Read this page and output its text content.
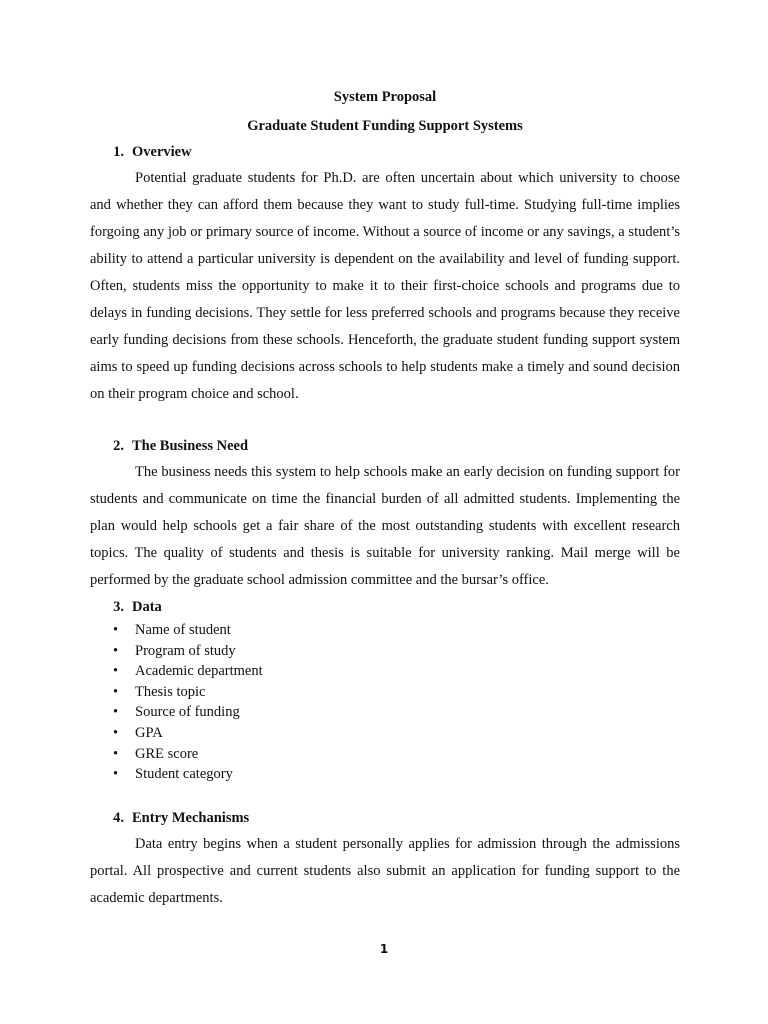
System Proposal

Graduate Student Funding Support Systems

1. Overview

Potential graduate students for Ph.D. are often uncertain about which university to choose and whether they can afford them because they want to study full-time. Studying full-time implies forgoing any job or primary source of income. Without a source of income or any savings, a student’s ability to attend a particular university is dependent on the availability and level of funding support. Often, students miss the opportunity to make it to their first-choice schools and programs due to delays in funding decisions. They settle for less preferred schools and programs because they receive early funding decisions from these schools. Henceforth, the graduate student funding support system aims to speed up funding decisions across schools to help students make a timely and sound decision on their program choice and school.

2. The Business Need

The business needs this system to help schools make an early decision on funding support for students and communicate on time the financial burden of all admitted students. Implementing the plan would help schools get a fair share of the most outstanding students with excellent research topics. The quality of students and thesis is suitable for university ranking. Mail merge will be performed by the graduate school admission committee and the bursar’s office.

3. Data
•	Name of student
•	Program of study
•	Academic department
•	Thesis topic
•	Source of funding
•	GPA
•	GRE score
•	Student category
4. Entry Mechanisms

Data entry begins when a student personally applies for admission through the admissions portal. All prospective and current students also submit an application for funding support to the academic departments.

1
